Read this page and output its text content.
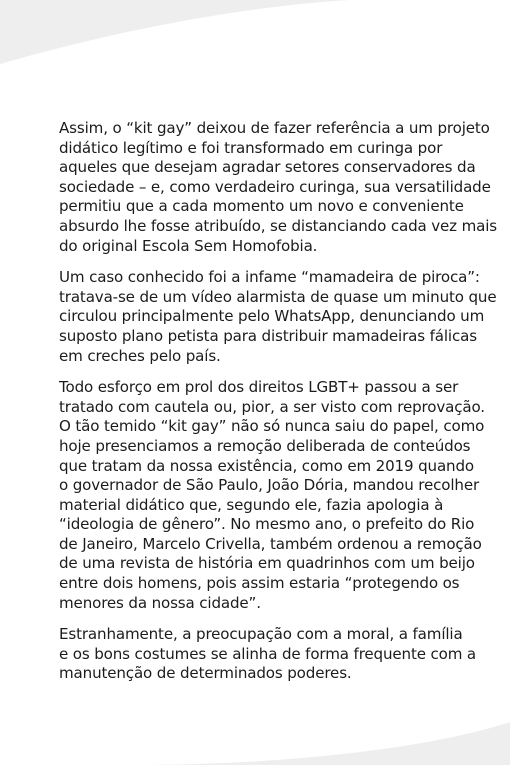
Assim, o “kit gay” deixou de fazer referência a um projeto
didático legítimo e foi transformado em curinga por
aqueles que desejam agradar setores conservadores da
sociedade – e, como verdadeiro curinga, sua versatilidade
permitiu que a cada momento um novo e conveniente
absurdo lhe fosse atribuído, se distanciando cada vez mais
do original Escola Sem Homofobia.

Um caso conhecido foi a infame “mamadeira de piroca”:
tratava-se de um vídeo alarmista de quase um minuto que
circulou principalmente pelo WhatsApp, denunciando um
suposto plano petista para distribuir mamadeiras fálicas
em creches pelo país.

Todo esforço em prol dos direitos LGBT+ passou a ser
tratado com cautela ou, pior, a ser visto com reprovação.
O tão temido “kit gay” não só nunca saiu do papel, como
hoje presenciamos a remoção deliberada de conteúdos
que tratam da nossa existência, como em 2019 quando
o governador de São Paulo, João Dória, mandou recolher
material didático que, segundo ele, fazia apologia à
“ideologia de gênero”. No mesmo ano, o prefeito do Rio
de Janeiro, Marcelo Crivella, também ordenou a remoção
de uma revista de história em quadrinhos com um beijo
entre dois homens, pois assim estaria “protegendo os
menores da nossa cidade”.

Estranhamente, a preocupação com a moral, a família
e os bons costumes se alinha de forma frequente com a
manutenção de determinados poderes.
